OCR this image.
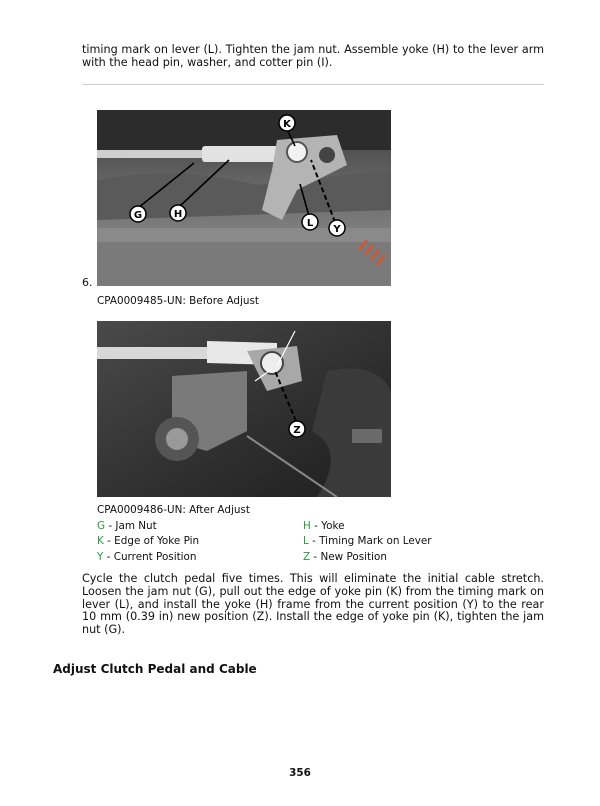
timing mark on lever (L). Tighten the jam nut. Assemble yoke (H) to the lever arm with the head pin, washer, and cotter pin (I).
K
G	H
L
Y
6.
CPA0009485-UN: Before Adjust
Z
CPA0009486-UN: After Adjust
G - Jam Nut	H - Yoke
K - Edge of Yoke Pin	L - Timing Mark on Lever
Y - Current Position	Z - New Position
Cycle the clutch pedal five times. This will eliminate the initial cable stretch. Loosen the jam nut (G), pull out the edge of yoke pin (K) from the timing mark on lever (L), and install the yoke (H) frame from the current position (Y) to the rear 10 mm (0.39 in) new position (Z). Install the edge of yoke pin (K), tighten the jam nut (G).
Adjust Clutch Pedal and Cable
356
